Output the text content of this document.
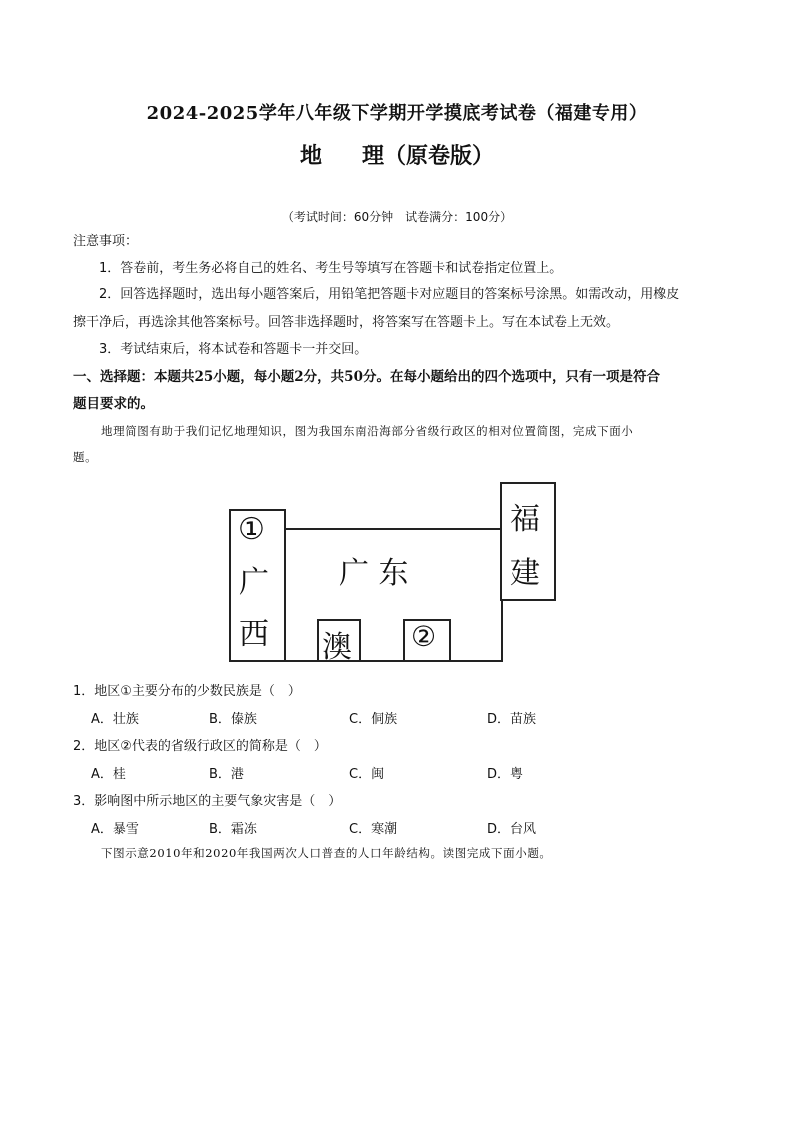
2024-2025学年八年级下学期开学摸底考试卷（福建专用）
地 理（原卷版）
（考试时间：60分钟　试卷满分：100分）
注意事项：
1．答卷前，考生务必将自己的姓名、考生号等填写在答题卡和试卷指定位置上。
2．回答选择题时，选出每小题答案后，用铅笔把答题卡对应题目的答案标号涂黑。如需改动，用橡皮
擦干净后，再选涂其他答案标号。回答非选择题时，将答案写在答题卡上。写在本试卷上无效。
3．考试结束后，将本试卷和答题卡一并交回。
一、选择题：本题共25小题，每小题2分，共50分。在每小题给出的四个选项中，只有一项是符合
题目要求的。
地理简图有助于我们记忆地理知识，图为我国东南沿海部分省级行政区的相对位置简图，完成下面小
题。
①
广
西
广 东
福
建
澳 ②
1．地区①主要分布的少数民族是（　）
A．壮族	B．傣族	C．侗族	D．苗族
2．地区②代表的省级行政区的简称是（　）
A．桂	B．港	C．闽	D．粤
3．影响图中所示地区的主要气象灾害是（　）
A．暴雪	B．霜冻	C．寒潮	D．台风
下图示意2010年和2020年我国两次人口普查的人口年龄结构。读图完成下面小题。
